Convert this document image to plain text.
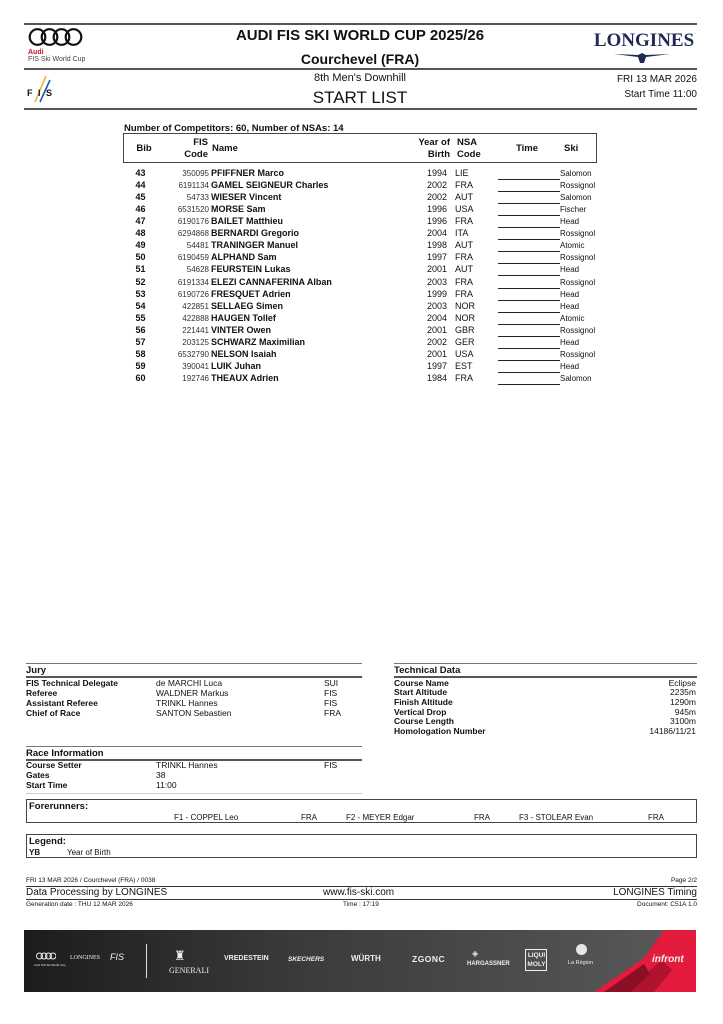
Audi
FIS Ski World Cup
AUDI FIS SKI WORLD CUP 2025/26
Courchevel (FRA)
LONGINES
F I S
8th Men's Downhill
START LIST
FRI 13 MAR 2026
Start Time 11:00
Number of Competitors: 60, Number of NSAs: 14
Bib
FIS
Code
Name
Year of
Birth
NSA
Code
Time	Ski
43	350095 PFIFFNER Marco	1994 LIE	Salomon
44	6191134 GAMEL SEIGNEUR Charles	2002 FRA	Rossignol
45	54733 WIESER Vincent	2002 AUT	Salomon
46	6531520 MORSE Sam	1996 USA	Fischer
47	6190176 BAILET Matthieu	1996 FRA	Head
48	6294868 BERNARDI Gregorio	2004 ITA	Rossignol
49	54481 TRANINGER Manuel	1998 AUT	Atomic
50	6190459 ALPHAND Sam	1997 FRA	Rossignol
51	54628 FEURSTEIN Lukas	2001 AUT	Head
52	6191334 ELEZI CANNAFERINA Alban	2003 FRA	Rossignol
53	6190726 FRESQUET Adrien	1999 FRA	Head
54	422851 SELLAEG Simen	2003 NOR	Head
55	422888 HAUGEN Tollef	2004 NOR	Atomic
56	221441 VINTER Owen	2001 GBR	Rossignol
57	203125 SCHWARZ Maximilian	2002 GER	Head
58	6532790 NELSON Isaiah	2001 USA	Rossignol
59	390041 LUIK Juhan	1997 EST	Head
60	192746 THEAUX Adrien	1984 FRA	Salomon
Jury
FIS Technical Delegate	de MARCHI Luca	SUI
Referee	WALDNER Markus	FIS
Assistant Referee	TRINKL Hannes	FIS
Chief of Race	SANTON Sebastien	FRA
Technical Data
Course Name	Eclipse
Start Altitude	2235m
Finish Altitude	1290m
Vertical Drop	945m
Course Length	3100m
Homologation Number	14186/11/21
Race Information
Course Setter	TRINKL Hannes	FIS
Gates	38
Start Time	11:00
Forerunners:
F1 - COPPEL Leo	FRA	F2 - MEYER Edgar	FRA	F3 - STOLEAR Evan	FRA
Legend:
YB	Year of Birth
FRI 13 MAR 2026 / Courchevel (FRA) / 0038	Page 2/2
Data Processing by LONGINES	www.fis-ski.com	LONGINES Timing
Generation date : THU 12 MAR 2026	Time : 17:19	Document: C51A 1.0
Audi FIS Ski World Cup
LONGINES FIS	♜
GENERALI
VREDESTEIN	SKECHERS	WÜRTH	ZGONC
◈
HARGASSNER
LIQUI MOLY	La Région	infront
